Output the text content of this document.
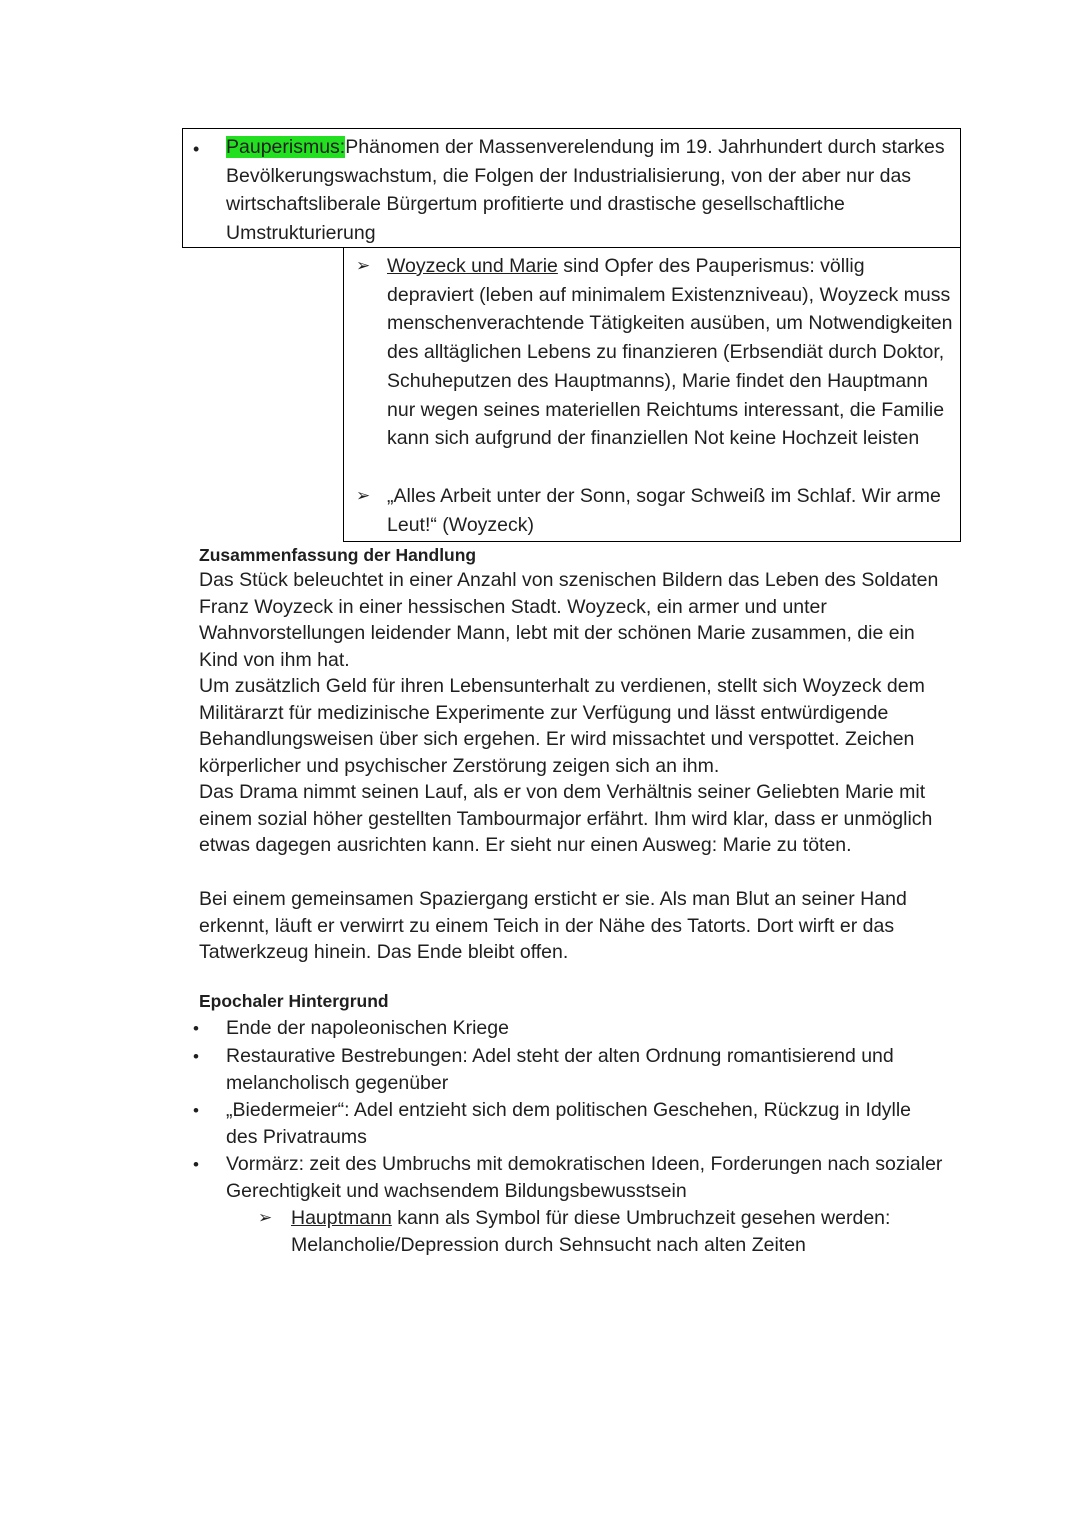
• Pauperismus:Phänomen der Massenverelendung im 19. Jahrhundert durch starkes Bevölkerungswachstum, die Folgen der Industrialisierung, von der aber nur das wirtschaftsliberale Bürgertum profitierte und drastische gesellschaftliche Umstrukturierung
➢ Woyzeck und Marie sind Opfer des Pauperismus: völlig depraviert (leben auf minimalem Existenzniveau), Woyzeck muss menschenverachtende Tätigkeiten ausüben, um Notwendigkeiten des alltäglichen Lebens zu finanzieren (Erbsendiät durch Doktor, Schuheputzen des Hauptmanns), Marie findet den Hauptmann nur wegen seines materiellen Reichtums interessant, die Familie kann sich aufgrund der finanziellen Not keine Hochzeit leisten
➢ „Alles Arbeit unter der Sonn, sogar Schweiß im Schlaf. Wir arme Leut!“ (Woyzeck)
Zusammenfassung der Handlung
Das Stück beleuchtet in einer Anzahl von szenischen Bildern das Leben des Soldaten Franz Woyzeck in einer hessischen Stadt. Woyzeck, ein armer und unter Wahnvorstellungen leidender Mann, lebt mit der schönen Marie zusammen, die ein Kind von ihm hat.
Um zusätzlich Geld für ihren Lebensunterhalt zu verdienen, stellt sich Woyzeck dem Militärarzt für medizinische Experimente zur Verfügung und lässt entwürdigende Behandlungsweisen über sich ergehen. Er wird missachtet und verspottet. Zeichen körperlicher und psychischer Zerstörung zeigen sich an ihm.
Das Drama nimmt seinen Lauf, als er von dem Verhältnis seiner Geliebten Marie mit einem sozial höher gestellten Tambourmajor erfährt. Ihm wird klar, dass er unmöglich etwas dagegen ausrichten kann. Er sieht nur einen Ausweg: Marie zu töten.
Bei einem gemeinsamen Spaziergang ersticht er sie. Als man Blut an seiner Hand erkennt, läuft er verwirrt zu einem Teich in der Nähe des Tatorts. Dort wirft er das Tatwerkzeug hinein. Das Ende bleibt offen.
Epochaler Hintergrund
• Ende der napoleonischen Kriege
• Restaurative Bestrebungen: Adel steht der alten Ordnung romantisierend und melancholisch gegenüber
• „Biedermeier“: Adel entzieht sich dem politischen Geschehen, Rückzug in Idylle des Privatraums
• Vormärz: zeit des Umbruchs mit demokratischen Ideen, Forderungen nach sozialer Gerechtigkeit und wachsendem Bildungsbewusstsein
➢ Hauptmann kann als Symbol für diese Umbruchzeit gesehen werden: Melancholie/Depression durch Sehnsucht nach alten Zeiten
